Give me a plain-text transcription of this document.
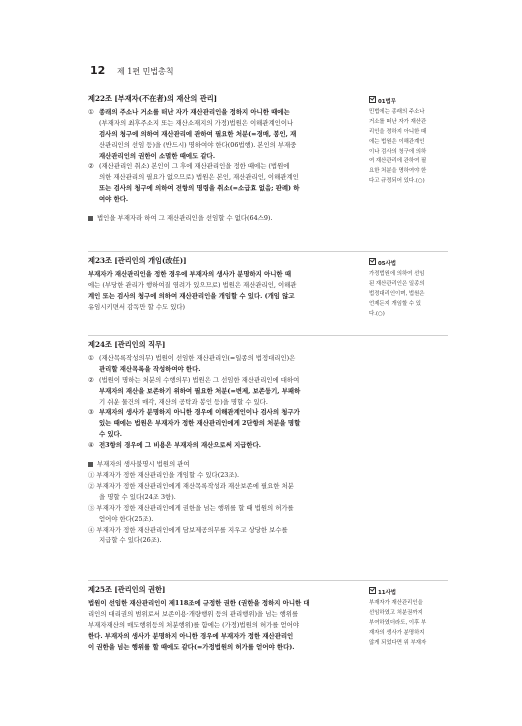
12 제 1편 민법총칙
제22조 [부재자(不在者)의 재산의 관리]
① 종래의 주소나 거소를 떠난 자가 재산관리인을 정하지 아니한 때에는

(부재자의 최후주소지 또는 재산소재지의 가정)법원은 이해관계인이나

검사의 청구에 의하여 재산관리에 관하여 필요한 처분(=경매, 봉인, 재

산관리인의 선임 등)을 (반드시) 명하여야 한다(06법행). 본인의 부재중

재산관리인의 권한이 소멸한 때에도 같다.

② (재산관리인 취소) 본인이 그 후에 재산관리인을 정한 때에는 (법원에

의한 재산관리의 필요가 없으므로) 법원은 본인, 재산관리인, 이해관계인

또는 검사의 청구에 의하여 전항의 명령을 취소(=소급효 없음; 판례) 하

여야 한다.

법인을 부재자라 하여 그 재산관리인을 선임할 수 없다(64스9).
제23조 [관리인의 개임(改任)]

부재자가 재산관리인을 정한 경우에 부재자의 생사가 분명하지 아니한 때

에는 (부당한 관리가 행하여질 염려가 있으므로) 법원은 재산관리인, 이해관

계인 또는 검사의 청구에 의하여 재산관리인을 개임할 수 있다. (개임 않고

유임시키면서 감독만 할 수도 있다)

제24조 [관리인의 직무]
① (재산목록작성의무) 법원이 선임한 재산관리인(=일종의 법정대리인)은

관리할 재산목록을 작성하여야 한다.

② (법원이 명하는 처분의 수행의무) 법원은 그 선임한 재산관리인에 대하여

부재자의 재산을 보존하기 위하여 필요한 처분(=변제, 보존등기, 부패하

기 쉬운 물건의 매각, 재산의 공탁과 봉인 등)을 명할 수 있다.

③ 부재자의 생사가 분명하지 아니한 경우에 이해관계인이나 검사의 청구가

있는 때에는 법원은 부재자가 정한 재산관리인에게 2단항의 처분을 명할

수 있다.

④ 전3항의 경우에 그 비용은 부재자의 재산으로써 지급한다.

부재자의 생사불명시 법원의 관여

① 부재자가 정한 재산관리인을 개임할 수 있다(23조).

② 부재자가 정한 재산관리인에게 재산목록작성과 재산보존에 필요한 처분

을 명할 수 있다(24조 3항).

③ 부재자가 정한 재산관리인에게 권한을 넘는 행위를 할 때 법원의 허가를

얻어야 한다(25조).

④ 부재자가 정한 재산관리인에게 담보제공의무를 지우고 상당한 보수를

지급할 수 있다(26조).

제25조 [관리인의 권한]

법원이 선임한 재산관리인이 제118조에 규정한 권한 (권한을 정하지 아니한 대

리인의 대리권의 범위로서 보존이용·개량행위 등의 관리행위)을 넘는 행위를

부재자재산의 매도행위등의 처분행위)를 함에는 (가정)법원의 허가를 얻어야

한다. 부재자의 생사가 분명하지 아니한 경우에 부재자가 정한 재산관리인

이 권한을 넘는 행위를 할 때에도 같다(=가정법원의 허가를 얻어야 한다).

01법무

민법에는 종래의 주소나

거소를 떠난 자가 재산관

리인을 정하지 아니한 때

에는 법원은 이해관계인

이나 검사의 청구에 의하

여 재산관리에 관하여 필

요한 처분을 명하여야 한

다고 규정되어 있다.(○)

05사법

가정법원에 의하여 선임

된 재산관리인은 일종의

법정대리인이며, 법원은

언제든지 개임할 수 있

다.(○)

11사법

부재자가 재산관리인을

선임하였고 처분권까지

부여하였더라도, 이후 부

재자의 생사가 분명하지

않게 되었다면 위 부재자
